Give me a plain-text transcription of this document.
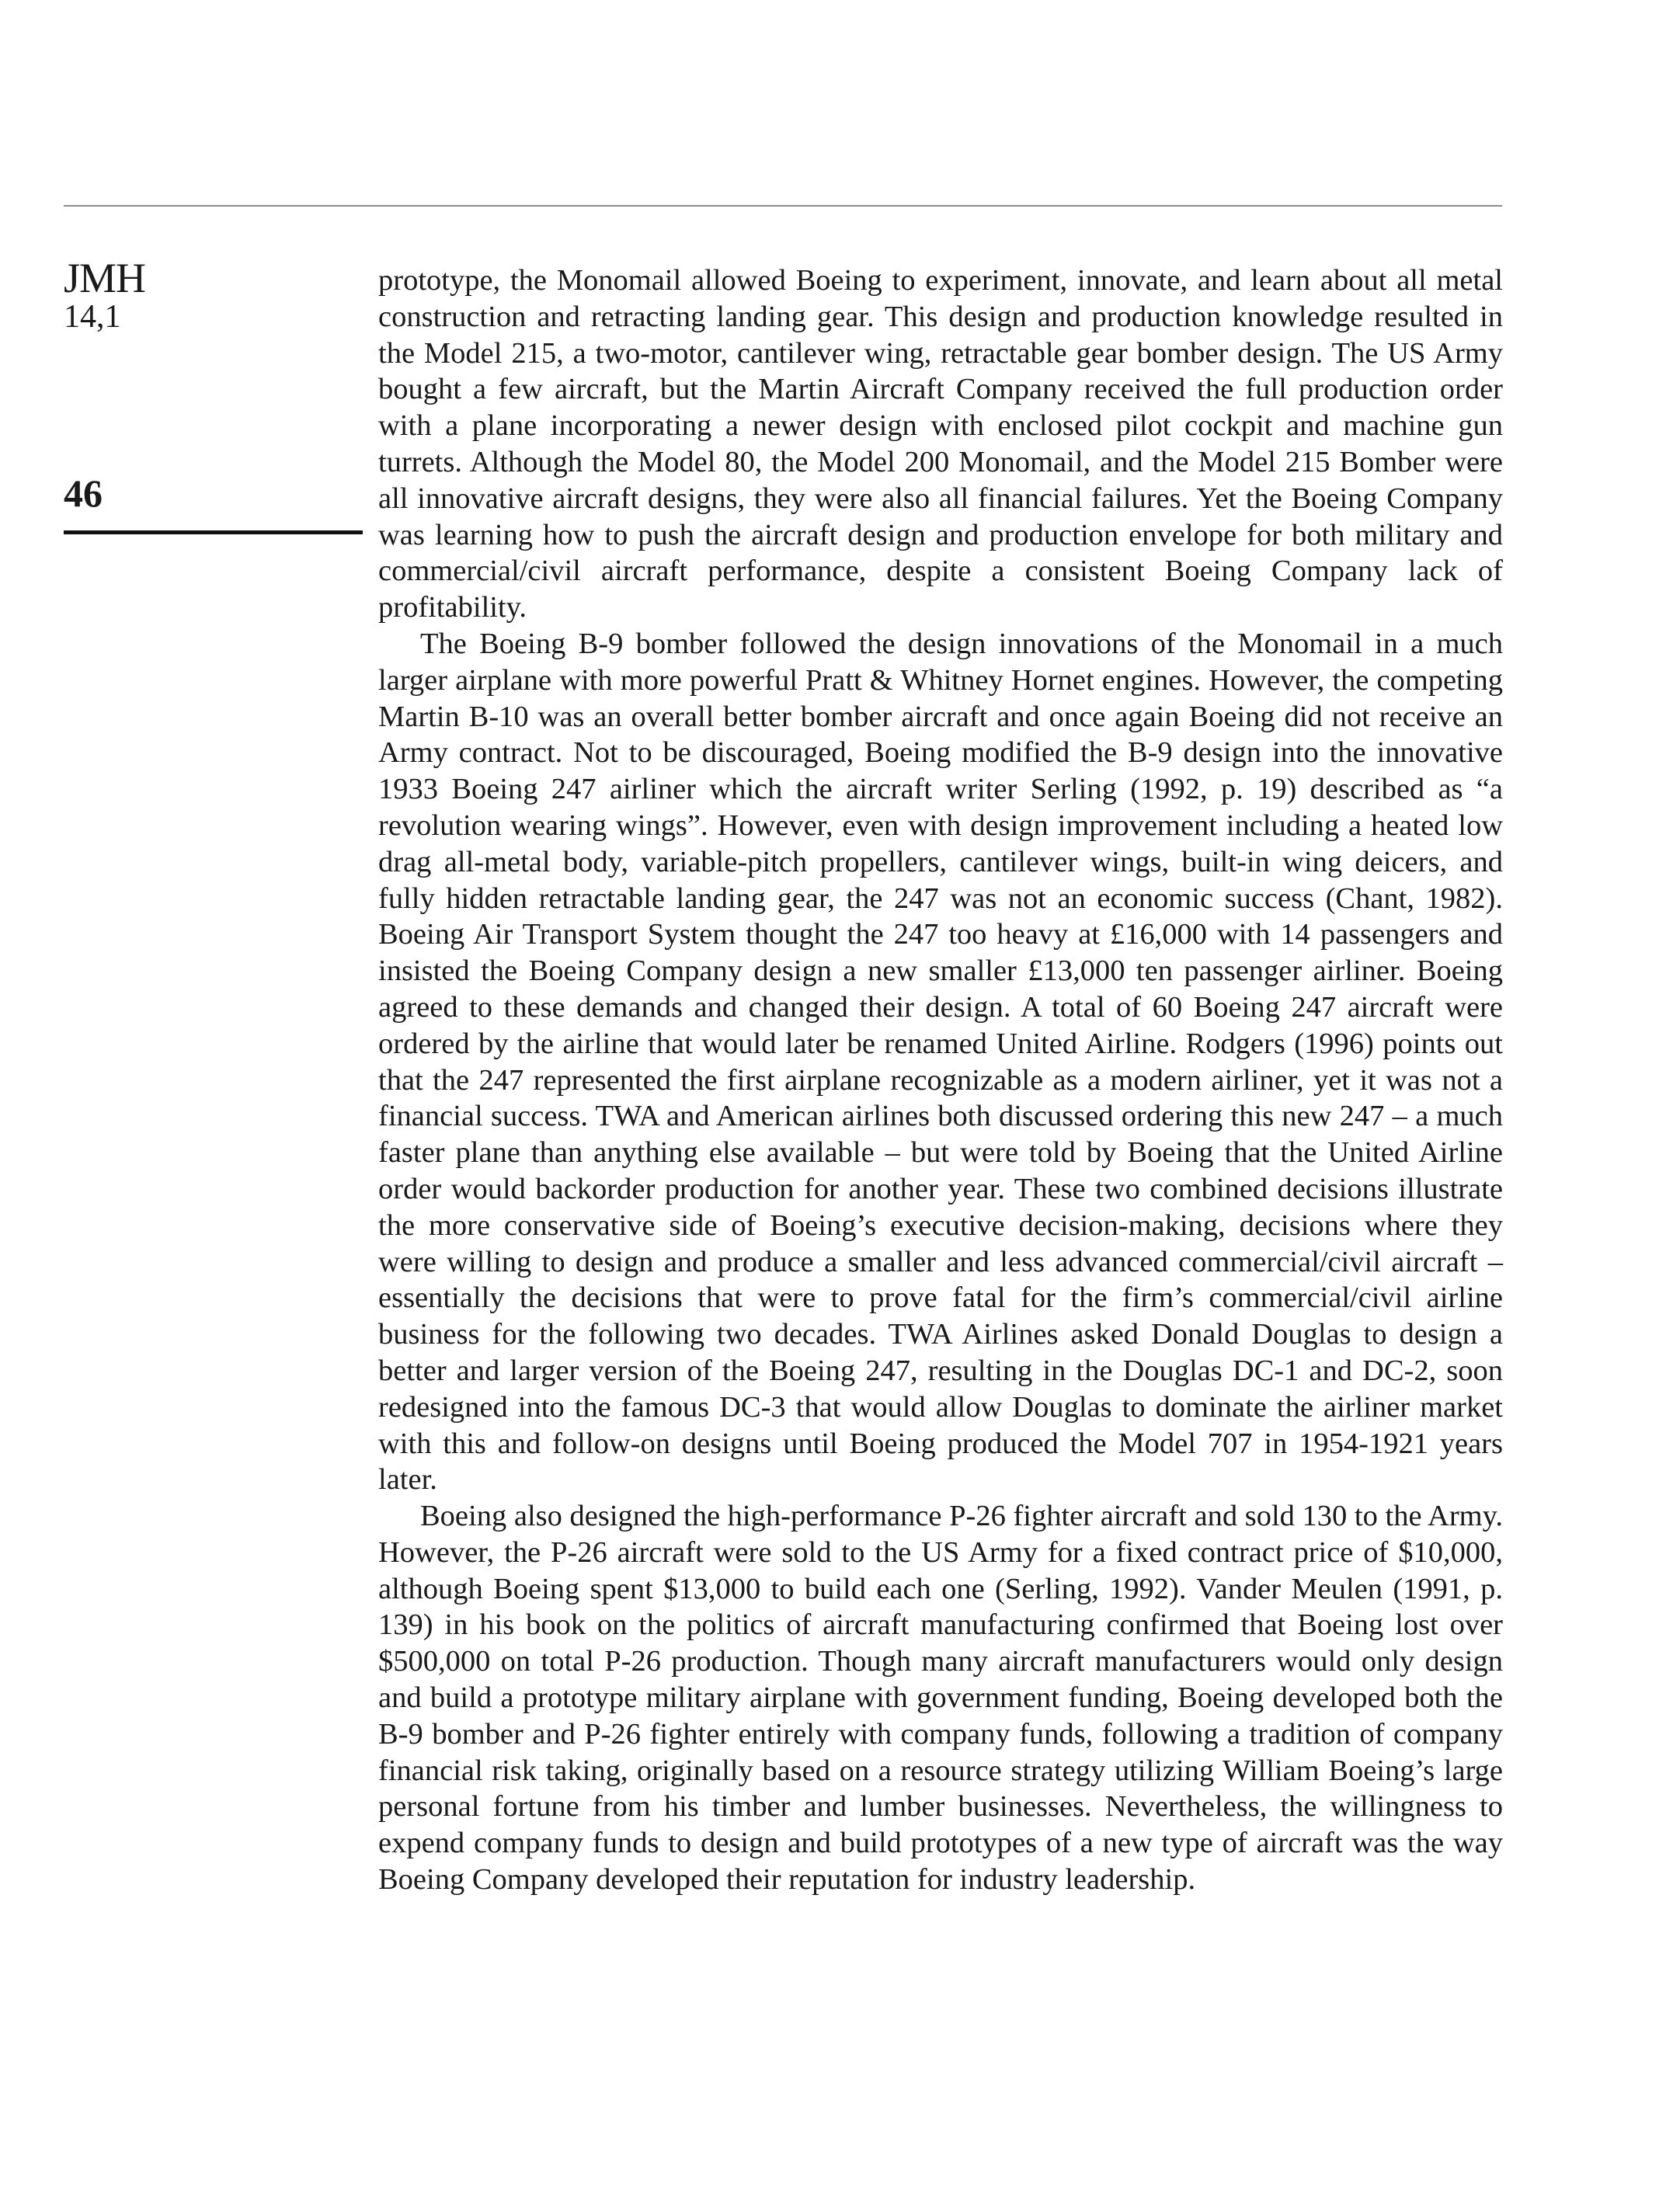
JMH
14,1
46

prototype, the Monomail allowed Boeing to experiment, innovate, and learn about all metal construction and retracting landing gear. This design and production knowledge resulted in the Model 215, a two-motor, cantilever wing, retractable gear bomber design. The US Army bought a few aircraft, but the Martin Aircraft Company received the full production order with a plane incorporating a newer design with enclosed pilot cockpit and machine gun turrets. Although the Model 80, the Model 200 Monomail, and the Model 215 Bomber were all innovative aircraft designs, they were also all financial failures. Yet the Boeing Company was learning how to push the aircraft design and production envelope for both military and commercial/civil aircraft performance, despite a consistent Boeing Company lack of profitability.

The Boeing B-9 bomber followed the design innovations of the Monomail in a much larger airplane with more powerful Pratt & Whitney Hornet engines. However, the competing Martin B-10 was an overall better bomber aircraft and once again Boeing did not receive an Army contract. Not to be discouraged, Boeing modified the B-9 design into the innovative 1933 Boeing 247 airliner which the aircraft writer Serling (1992, p. 19) described as “a revolution wearing wings”. However, even with design improvement including a heated low drag all-metal body, variable-pitch propellers, cantilever wings, built-in wing deicers, and fully hidden retractable landing gear, the 247 was not an economic success (Chant, 1982). Boeing Air Transport System thought the 247 too heavy at £16,000 with 14 passengers and insisted the Boeing Company design a new smaller £13,000 ten passenger airliner. Boeing agreed to these demands and changed their design. A total of 60 Boeing 247 aircraft were ordered by the airline that would later be renamed United Airline. Rodgers (1996) points out that the 247 represented the first airplane recognizable as a modern airliner, yet it was not a financial success. TWA and American airlines both discussed ordering this new 247 – a much faster plane than anything else available – but were told by Boeing that the United Airline order would backorder production for another year. These two combined decisions illustrate the more conservative side of Boeing’s executive decision-making, decisions where they were willing to design and produce a smaller and less advanced commercial/civil aircraft – essentially the decisions that were to prove fatal for the firm’s commercial/civil airline business for the following two decades. TWA Airlines asked Donald Douglas to design a better and larger version of the Boeing 247, resulting in the Douglas DC-1 and DC-2, soon redesigned into the famous DC-3 that would allow Douglas to dominate the airliner market with this and follow-on designs until Boeing produced the Model 707 in 1954-1921 years later.

Boeing also designed the high-performance P-26 fighter aircraft and sold 130 to the Army. However, the P-26 aircraft were sold to the US Army for a fixed contract price of $10,000, although Boeing spent $13,000 to build each one (Serling, 1992). Vander Meulen (1991, p. 139) in his book on the politics of aircraft manufacturing confirmed that Boeing lost over $500,000 on total P-26 production. Though many aircraft manufacturers would only design and build a prototype military airplane with government funding, Boeing developed both the B-9 bomber and P-26 fighter entirely with company funds, following a tradition of company financial risk taking, originally based on a resource strategy utilizing William Boeing’s large personal fortune from his timber and lumber businesses. Nevertheless, the willingness to expend company funds to design and build prototypes of a new type of aircraft was the way Boeing Company developed their reputation for industry leadership.
